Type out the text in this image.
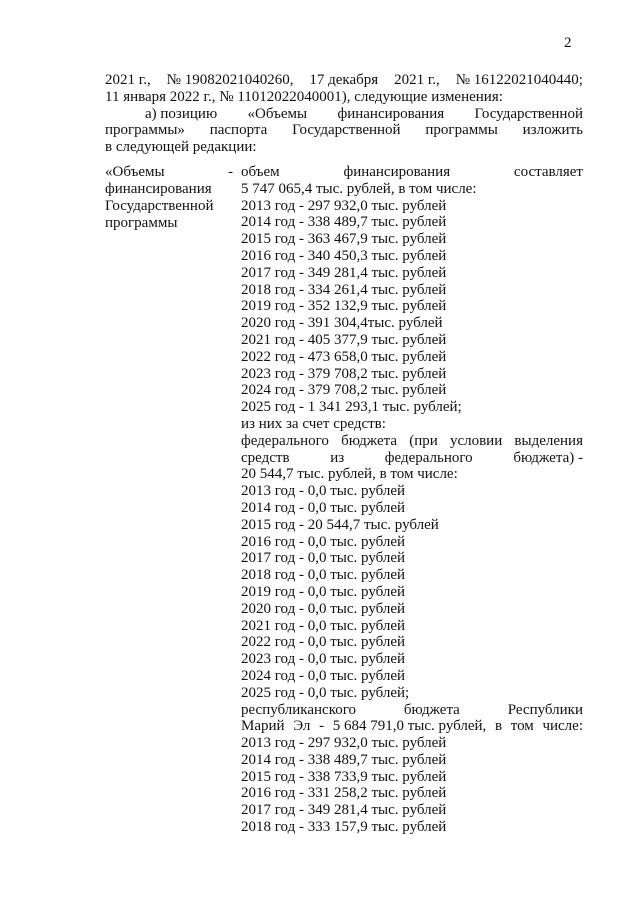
2
2021 г., № 19082021040260, 17 декабря 2021 г., № 16122021040440;
11 января 2022 г., № 11012022040001), следующие изменения:
а) позицию «Объемы финансирования Государственной
программы» паспорта Государственной программы изложить
в следующей редакции:
«Объемы	-
финансирования
Государственной
программы
объем	финансирования	составляет
5 747 065,4 тыс. рублей, в том числе:
2013 год - 297 932,0 тыс. рублей
2014 год - 338 489,7 тыс. рублей
2015 год - 363 467,9 тыс. рублей
2016 год - 340 450,3 тыс. рублей
2017 год - 349 281,4 тыс. рублей
2018 год - 334 261,4 тыс. рублей
2019 год - 352 132,9 тыс. рублей
2020 год - 391 304,4тыс. рублей
2021 год - 405 377,9 тыс. рублей
2022 год - 473 658,0 тыс. рублей
2023 год - 379 708,2 тыс. рублей
2024 год - 379 708,2 тыс. рублей
2025 год - 1 341 293,1 тыс. рублей;
из них за счет средств:
федерального бюджета (при условии выделения
средств	из	федерального	бюджета) -
20 544,7 тыс. рублей, в том числе:
2013 год - 0,0 тыс. рублей
2014 год - 0,0 тыс. рублей
2015 год - 20 544,7 тыс. рублей
2016 год - 0,0 тыс. рублей
2017 год - 0,0 тыс. рублей
2018 год - 0,0 тыс. рублей
2019 год - 0,0 тыс. рублей
2020 год - 0,0 тыс. рублей
2021 год - 0,0 тыс. рублей
2022 год - 0,0 тыс. рублей
2023 год - 0,0 тыс. рублей
2024 год - 0,0 тыс. рублей
2025 год - 0,0 тыс. рублей;
республиканского	бюджета	Республики
Марий Эл - 5 684 791,0 тыс. рублей, в том числе:
2013 год - 297 932,0 тыс. рублей
2014 год - 338 489,7 тыс. рублей
2015 год - 338 733,9 тыс. рублей
2016 год - 331 258,2 тыс. рублей
2017 год - 349 281,4 тыс. рублей
2018 год - 333 157,9 тыс. рублей
